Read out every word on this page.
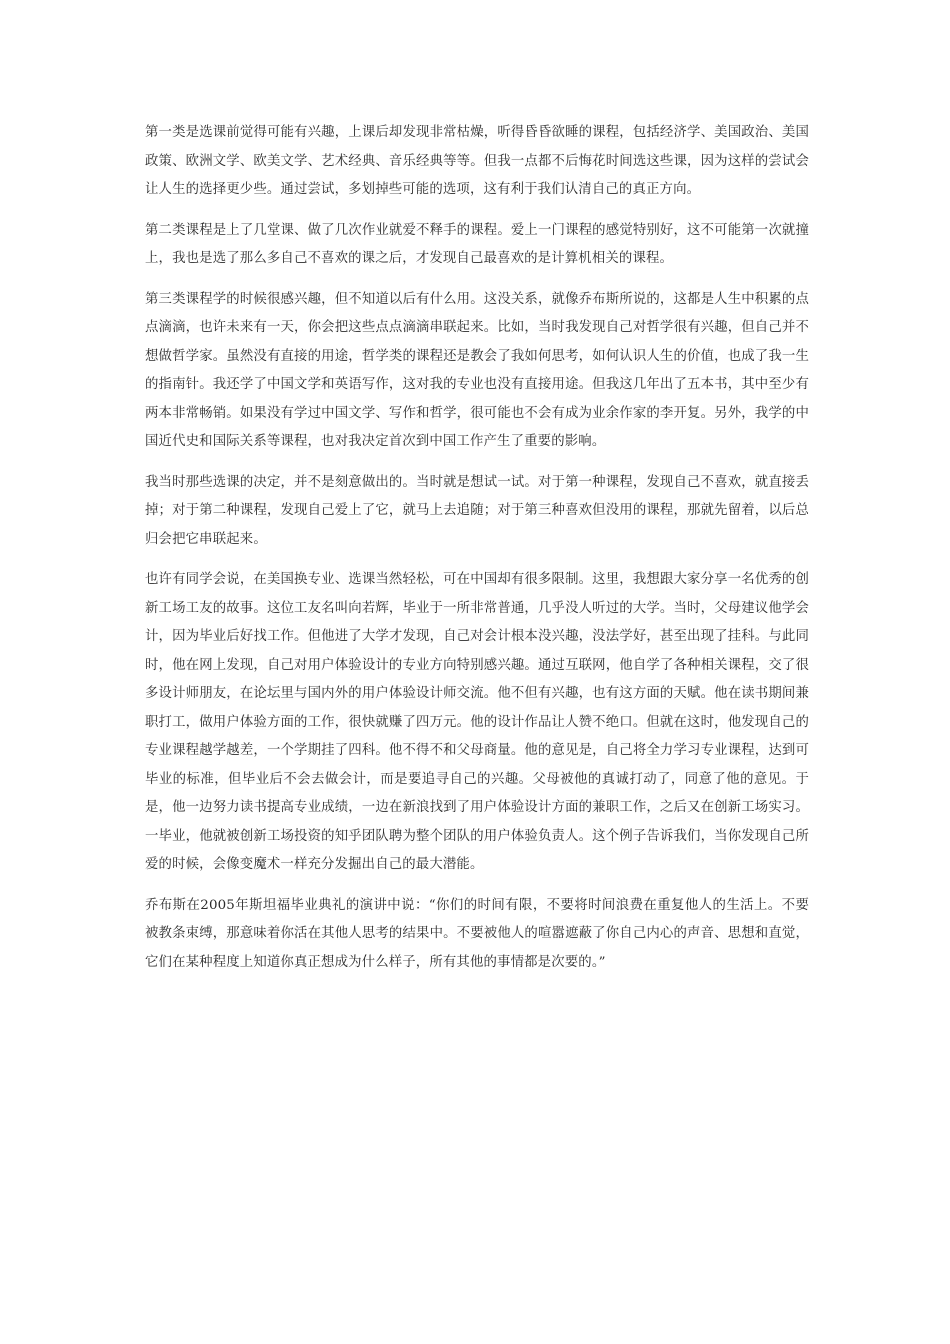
第一类是选课前觉得可能有兴趣，上课后却发现非常枯燥，听得昏昏欲睡的课程，包括经济学、美国政治、美国政策、欧洲文学、欧美文学、艺术经典、音乐经典等等。但我一点都不后悔花时间选这些课，因为这样的尝试会让人生的选择更少些。通过尝试，多划掉些可能的选项，这有利于我们认清自己的真正方向。

第二类课程是上了几堂课、做了几次作业就爱不释手的课程。爱上一门课程的感觉特别好，这不可能第一次就撞上，我也是选了那么多自己不喜欢的课之后，才发现自己最喜欢的是计算机相关的课程。

第三类课程学的时候很感兴趣，但不知道以后有什么用。这没关系，就像乔布斯所说的，这都是人生中积累的点点滴滴，也许未来有一天，你会把这些点点滴滴串联起来。比如，当时我发现自己对哲学很有兴趣，但自己并不想做哲学家。虽然没有直接的用途，哲学类的课程还是教会了我如何思考，如何认识人生的价值，也成了我一生的指南针。我还学了中国文学和英语写作，这对我的专业也没有直接用途。但我这几年出了五本书，其中至少有两本非常畅销。如果没有学过中国文学、写作和哲学，很可能也不会有成为业余作家的李开复。另外，我学的中国近代史和国际关系等课程，也对我决定首次到中国工作产生了重要的影响。

我当时那些选课的决定，并不是刻意做出的。当时就是想试一试。对于第一种课程，发现自己不喜欢，就直接丢掉；对于第二种课程，发现自己爱上了它，就马上去追随；对于第三种喜欢但没用的课程，那就先留着，以后总归会把它串联起来。

也许有同学会说，在美国换专业、选课当然轻松，可在中国却有很多限制。这里，我想跟大家分享一名优秀的创新工场工友的故事。这位工友名叫向若辉，毕业于一所非常普通，几乎没人听过的大学。当时，父母建议他学会计，因为毕业后好找工作。但他进了大学才发现，自己对会计根本没兴趣，没法学好，甚至出现了挂科。与此同时，他在网上发现，自己对用户体验设计的专业方向特别感兴趣。通过互联网，他自学了各种相关课程，交了很多设计师朋友，在论坛里与国内外的用户体验设计师交流。他不但有兴趣，也有这方面的天赋。他在读书期间兼职打工，做用户体验方面的工作，很快就赚了四万元。他的设计作品让人赞不绝口。但就在这时，他发现自己的专业课程越学越差，一个学期挂了四科。他不得不和父母商量。他的意见是，自己将全力学习专业课程，达到可毕业的标准，但毕业后不会去做会计，而是要追寻自己的兴趣。父母被他的真诚打动了，同意了他的意见。于是，他一边努力读书提高专业成绩，一边在新浪找到了用户体验设计方面的兼职工作，之后又在创新工场实习。一毕业，他就被创新工场投资的知乎团队聘为整个团队的用户体验负责人。这个例子告诉我们，当你发现自己所爱的时候，会像变魔术一样充分发掘出自己的最大潜能。

乔布斯在2005年斯坦福毕业典礼的演讲中说：“你们的时间有限，不要将时间浪费在重复他人的生活上。不要被教条束缚，那意味着你活在其他人思考的结果中。不要被他人的喧嚣遮蔽了你自己内心的声音、思想和直觉，它们在某种程度上知道你真正想成为什么样子，所有其他的事情都是次要的。”
